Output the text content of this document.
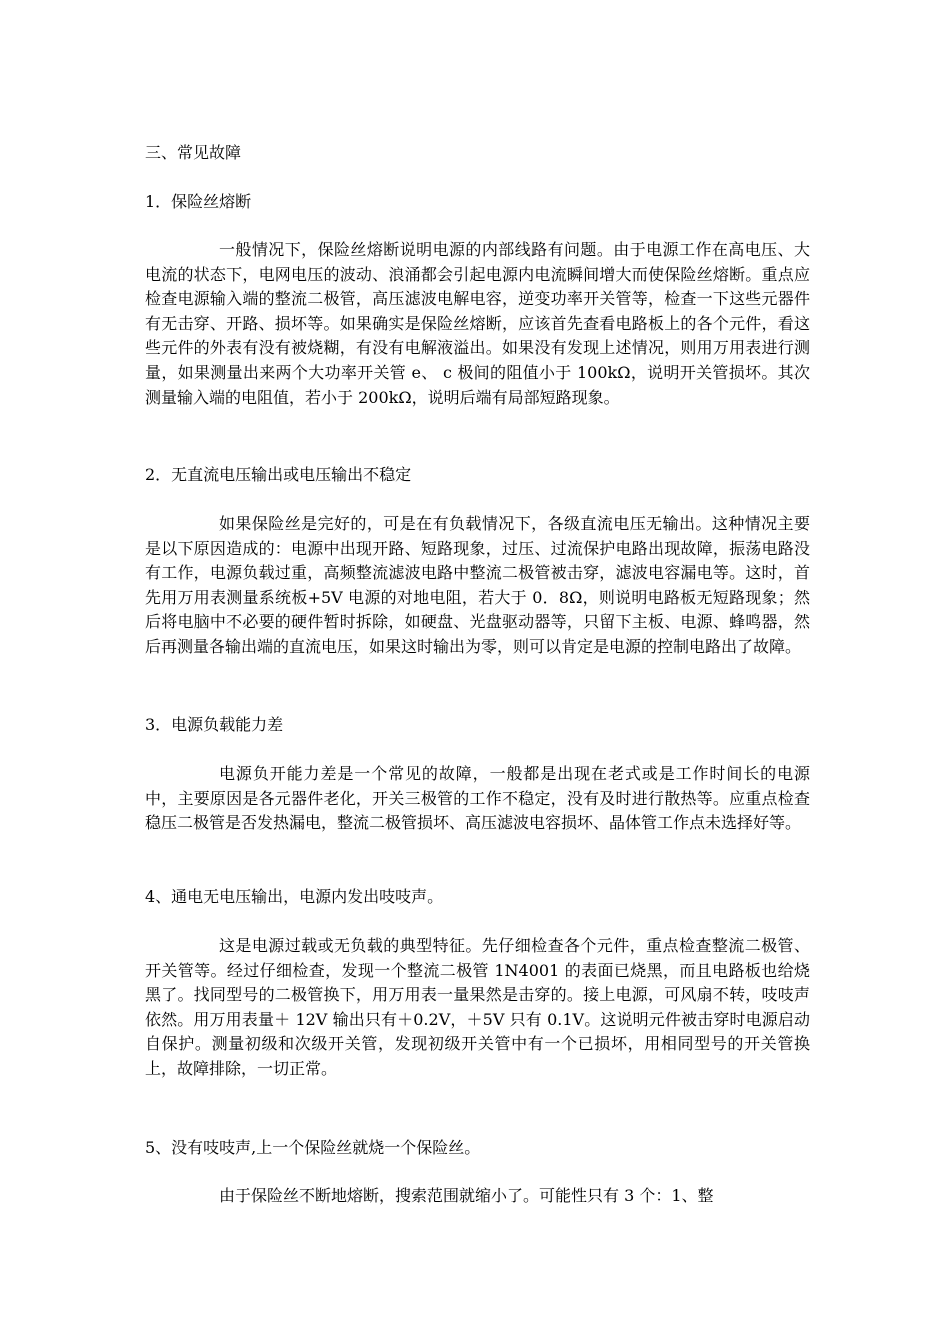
三、常见故障
1．保险丝熔断

一般情况下，保险丝熔断说明电源的内部线路有问题。由于电源工作在高电压、大电流的状态下，电网电压的波动、浪涌都会引起电源内电流瞬间增大而使保险丝熔断。重点应检查电源输入端的整流二极管，高压滤波电解电容，逆变功率开关管等，检查一下这些元器件有无击穿、开路、损坏等。如果确实是保险丝熔断，应该首先查看电路板上的各个元件，看这些元件的外表有没有被烧糊，有没有电解液溢出。如果没有发现上述情况，则用万用表进行测量，如果测量出来两个大功率开关管 e、 c 极间的阻值小于 100kΩ，说明开关管损坏。其次测量输入端的电阻值，若小于 200kΩ，说明后端有局部短路现象。

2．无直流电压输出或电压输出不稳定

如果保险丝是完好的，可是在有负载情况下，各级直流电压无输出。这种情况主要是以下原因造成的：电源中出现开路、短路现象，过压、过流保护电路出现故障，振荡电路没有工作，电源负载过重，高频整流滤波电路中整流二极管被击穿，滤波电容漏电等。这时，首先用万用表测量系统板+5V 电源的对地电阻，若大于 0．8Ω，则说明电路板无短路现象；然后将电脑中不必要的硬件暂时拆除，如硬盘、光盘驱动器等，只留下主板、电源、蜂鸣器，然后再测量各输出端的直流电压，如果这时输出为零，则可以肯定是电源的控制电路出了故障。

3．电源负载能力差

电源负开能力差是一个常见的故障，一般都是出现在老式或是工作时间长的电源中，主要原因是各元器件老化，开关三极管的工作不稳定，没有及时进行散热等。应重点检查稳压二极管是否发热漏电，整流二极管损坏、高压滤波电容损坏、晶体管工作点未选择好等。

4、通电无电压输出，电源内发出吱吱声。

这是电源过载或无负载的典型特征。先仔细检查各个元件，重点检查整流二极管、开关管等。经过仔细检查，发现一个整流二极管 1N4001 的表面已烧黑，而且电路板也给烧黑了。找同型号的二极管换下，用万用表一量果然是击穿的。接上电源，可风扇不转，吱吱声依然。用万用表量＋ 12V 输出只有＋0.2V，＋5V 只有 0.1V。这说明元件被击穿时电源启动自保护。测量初级和次级开关管，发现初级开关管中有一个已损坏，用相同型号的开关管换上，故障排除，一切正常。

5、没有吱吱声,上一个保险丝就烧一个保险丝。

由于保险丝不断地熔断，搜索范围就缩小了。可能性只有 3 个：1、整
